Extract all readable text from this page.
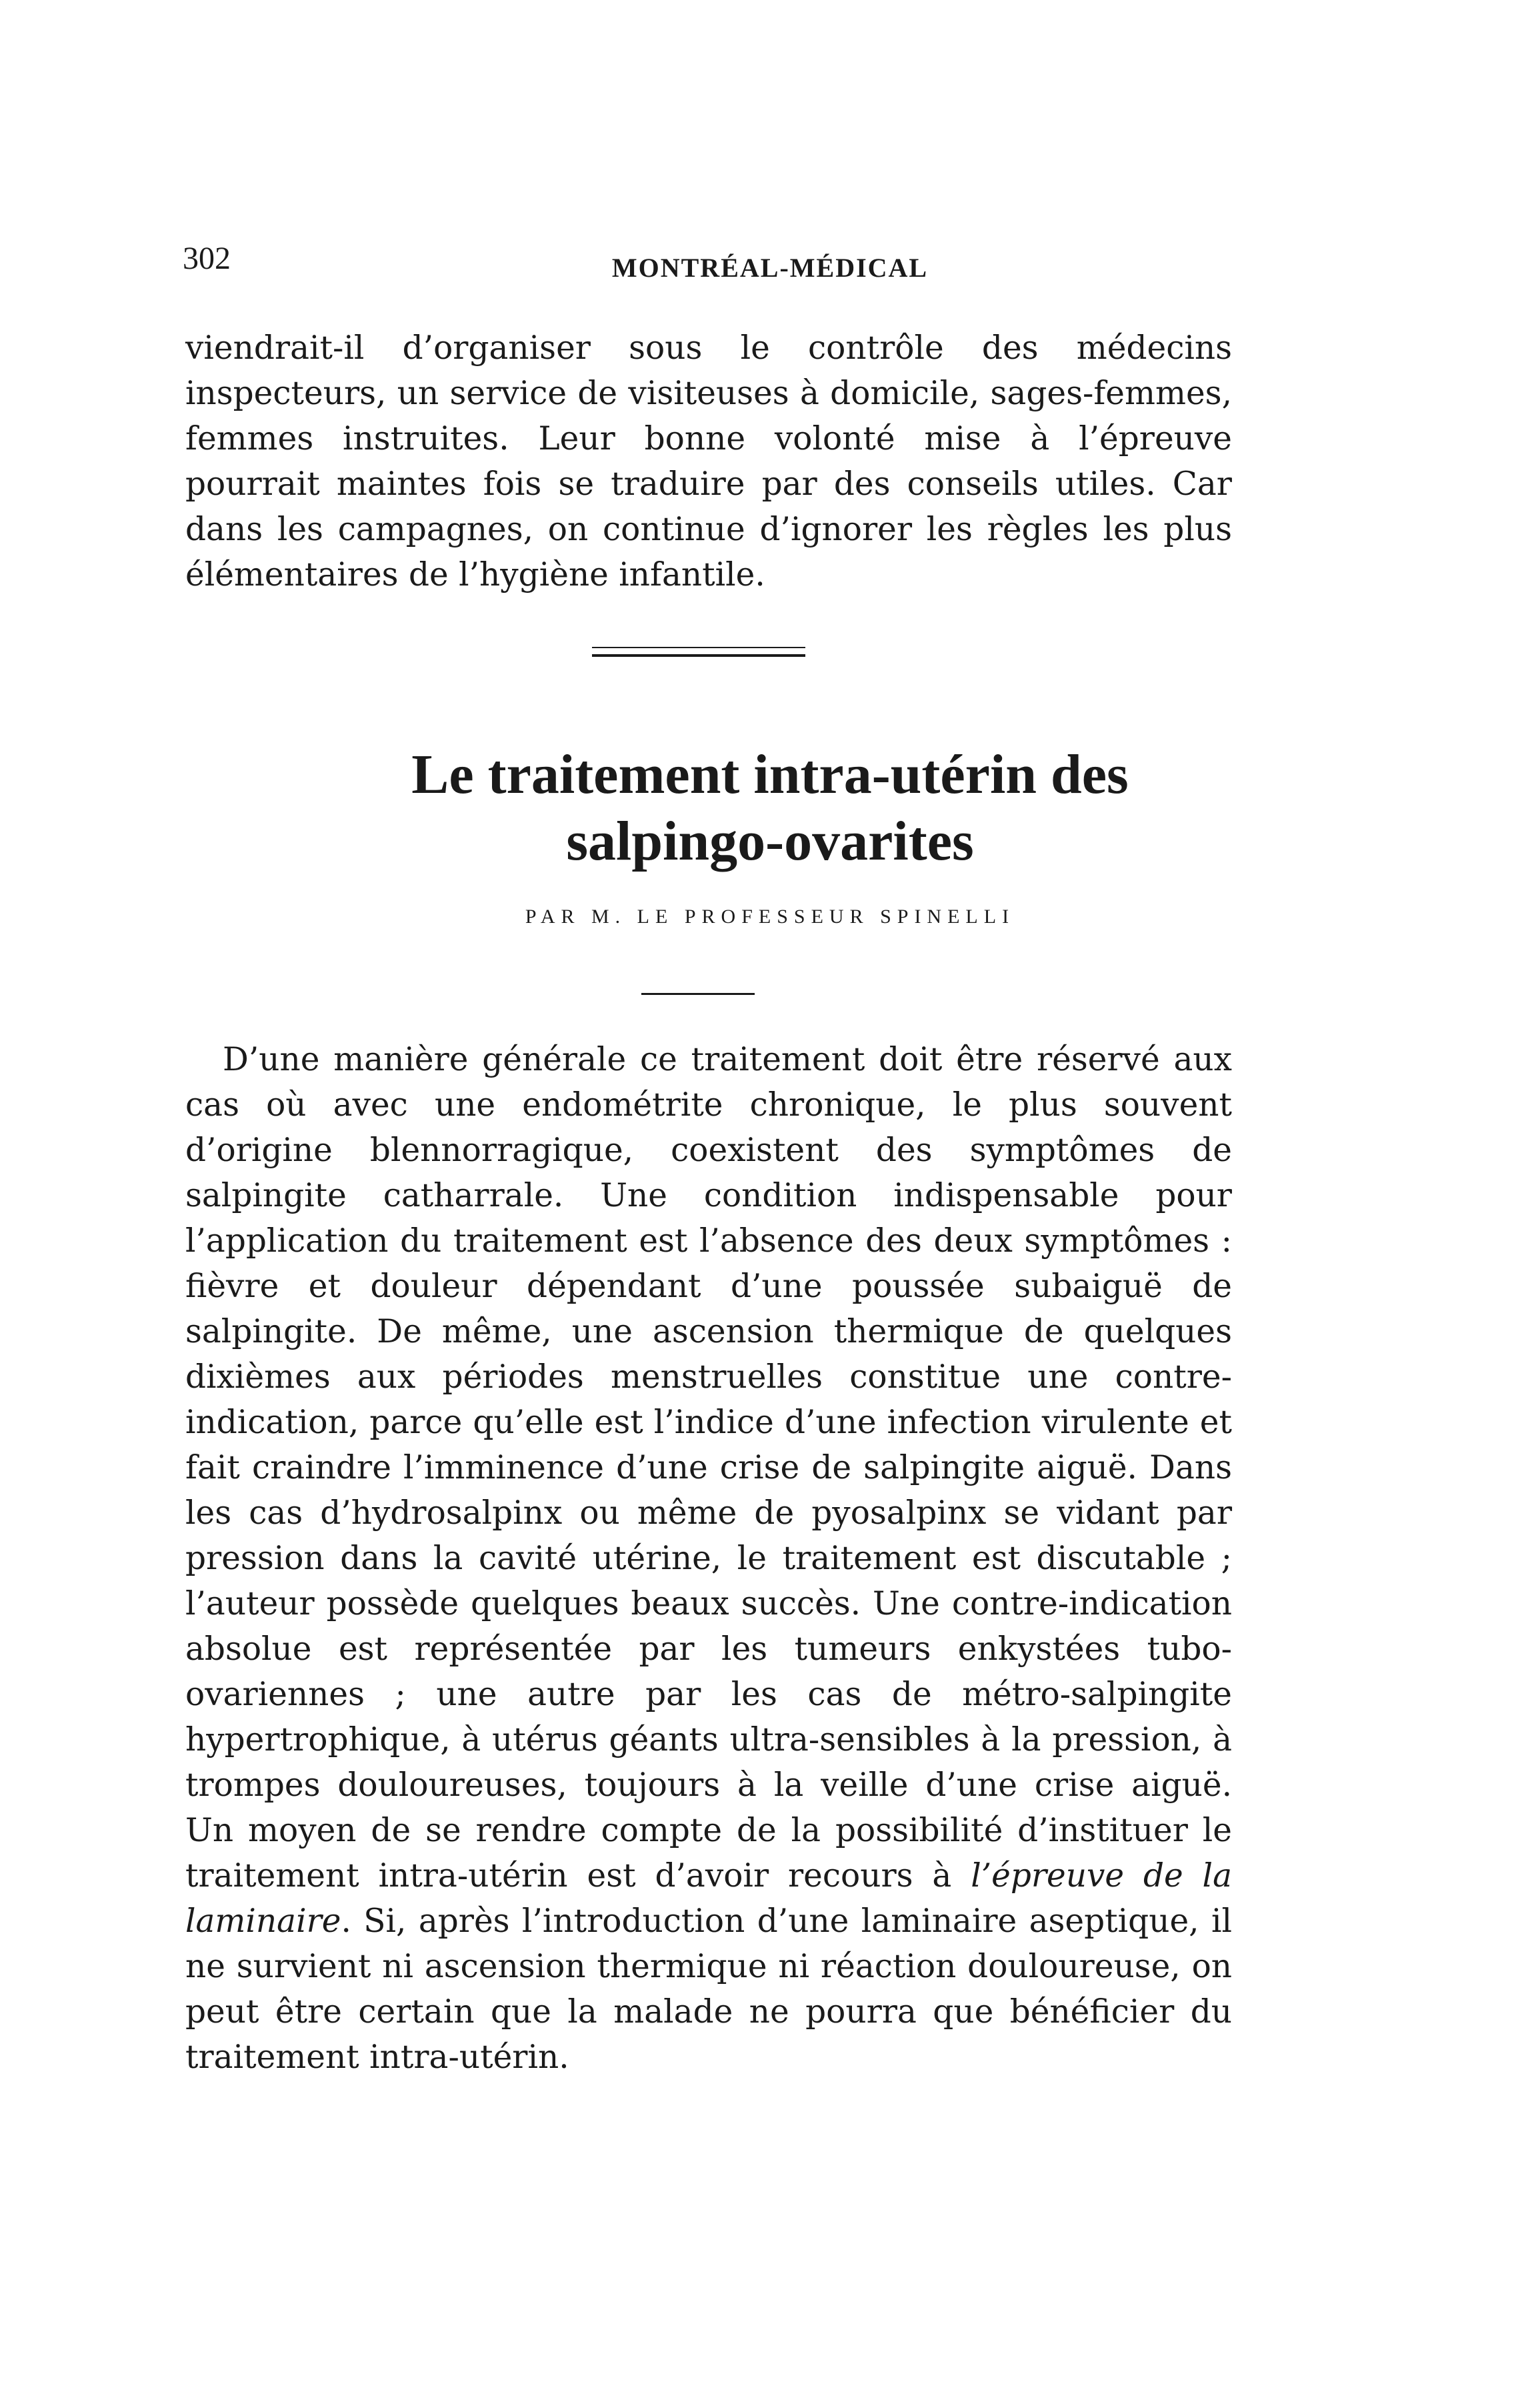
302	MONTRÉAL-MÉDICAL

viendrait-il d’organiser sous le contrôle des médecins inspecteurs, un service de visiteuses à domicile, sages-femmes, femmes instruites. Leur bonne volonté mise à l’épreuve pourrait maintes fois se traduire par des conseils utiles. Car dans les campagnes, on continue d’ignorer les règles les plus élémentaires de l’hygiène infantile.

Le traitement intra-utérin des
salpingo-ovarites
PAR M. LE PROFESSEUR SPINELLI

D’une manière générale ce traitement doit être réservé aux cas où avec une endométrite chronique, le plus souvent d’origine blennorragique, coexistent des symptômes de salpingite catharrale. Une condition indispensable pour l’application du traitement est l’absence des deux symptômes : fièvre et douleur dépendant d’une poussée subaiguë de salpingite. De même, une ascension thermique de quelques dixièmes aux périodes menstruelles constitue une contre-indication, parce qu’elle est l’indice d’une infection virulente et fait craindre l’imminence d’une crise de salpingite aiguë. Dans les cas d’hydrosalpinx ou même de pyosalpinx se vidant par pression dans la cavité utérine, le traitement est discutable ; l’auteur possède quelques beaux succès. Une contre-indication absolue est représentée par les tumeurs enkystées tubo-ovariennes ; une autre par les cas de métro-salpingite hypertrophique, à utérus géants ultra-sensibles à la pression, à trompes douloureuses, toujours à la veille d’une crise aiguë. Un moyen de se rendre compte de la possibilité d’instituer le traitement intra-utérin est d’avoir recours à l’épreuve de la laminaire. Si, après l’introduction d’une laminaire aseptique, il ne survient ni ascension thermique ni réaction douloureuse, on peut être certain que la malade ne pourra que bénéficier du traitement intra-utérin.
